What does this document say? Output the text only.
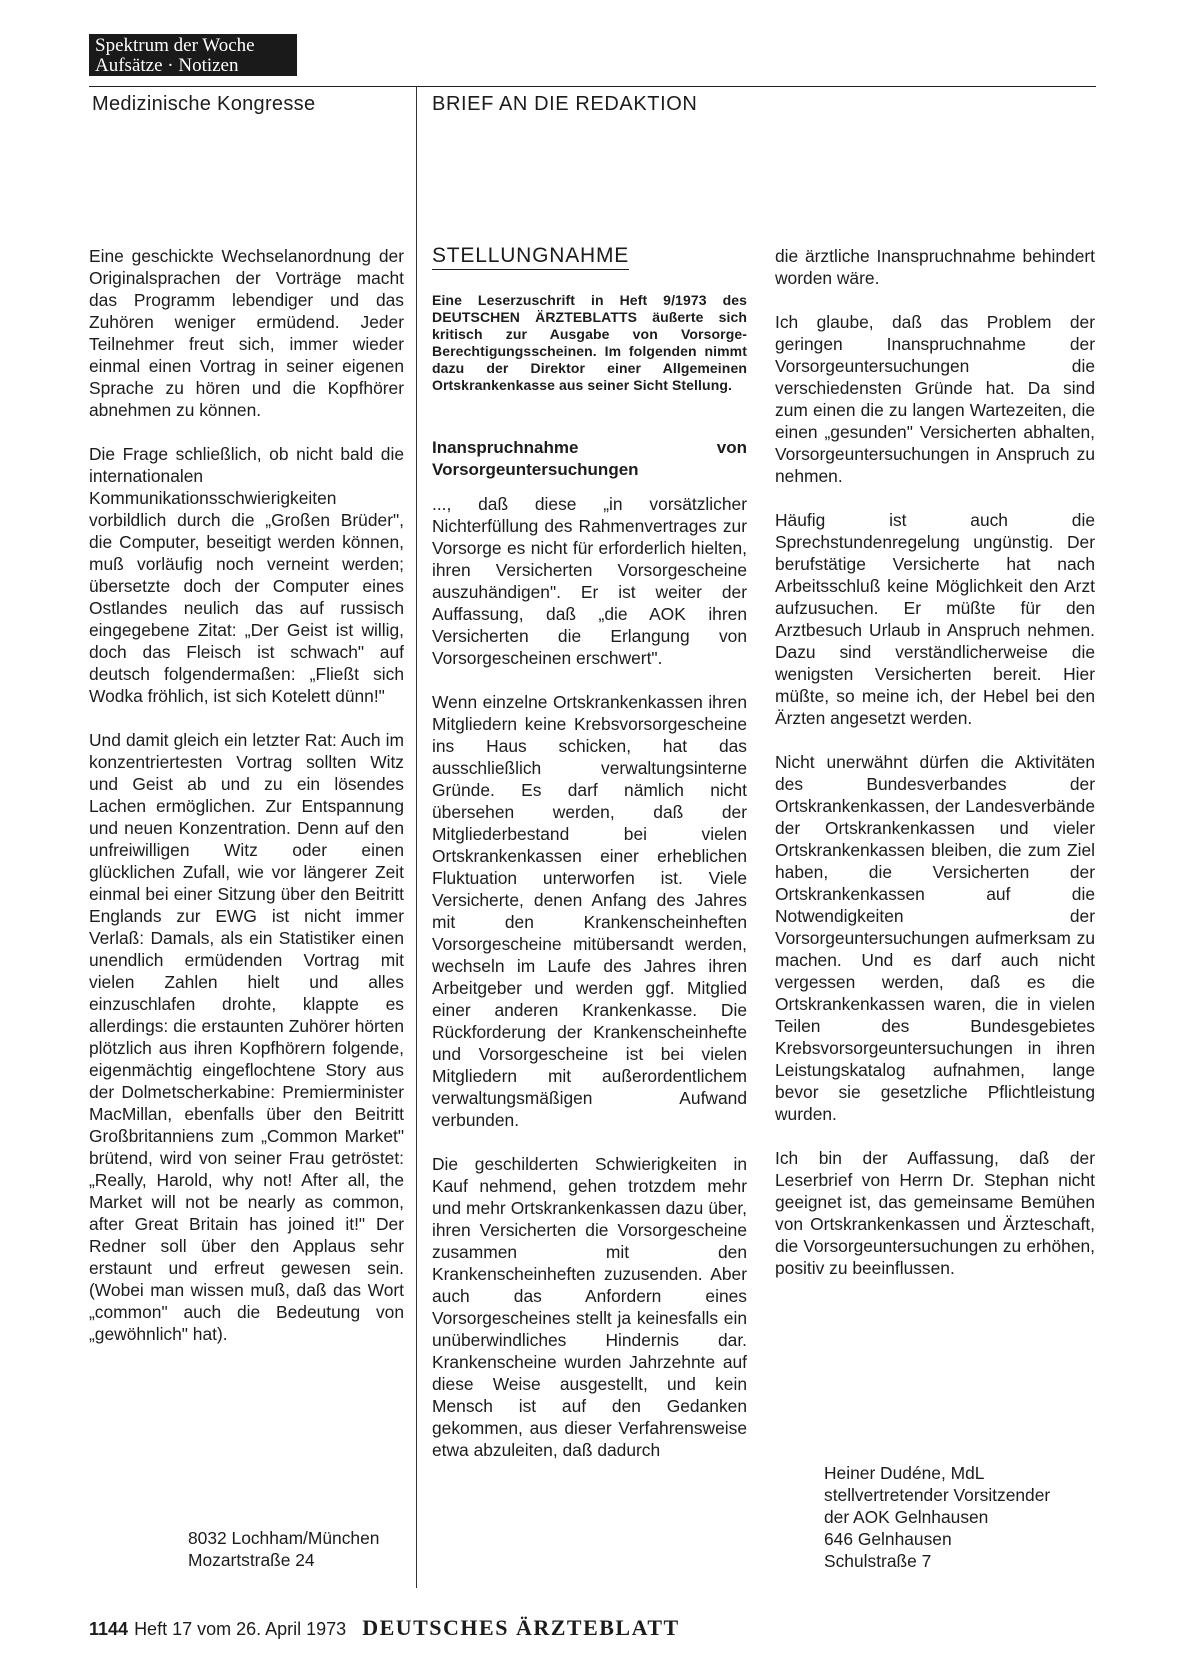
Spektrum der Woche
Aufsätze · Notizen
Medizinische Kongresse	BRIEF AN DIE REDAKTION

Eine geschickte Wechselanordnung der Originalsprachen der Vorträge macht das Programm lebendiger und das Zuhören weniger ermüdend. Jeder Teilnehmer freut sich, immer wieder einmal einen Vortrag in seiner eigenen Sprache zu hören und die Kopfhörer abnehmen zu können.

Die Frage schließlich, ob nicht bald die internationalen Kommunikationsschwierigkeiten vorbildlich durch die „Großen Brüder", die Computer, beseitigt werden können, muß vorläufig noch verneint werden; übersetzte doch der Computer eines Ostlandes neulich das auf russisch eingegebene Zitat: „Der Geist ist willig, doch das Fleisch ist schwach" auf deutsch folgendermaßen: „Fließt sich Wodka fröhlich, ist sich Kotelett dünn!"

Und damit gleich ein letzter Rat: Auch im konzentriertesten Vortrag sollten Witz und Geist ab und zu ein lösendes Lachen ermöglichen. Zur Entspannung und neuen Konzentration. Denn auf den unfreiwilligen Witz oder einen glücklichen Zufall, wie vor längerer Zeit einmal bei einer Sitzung über den Beitritt Englands zur EWG ist nicht immer Verlaß: Damals, als ein Statistiker einen unendlich ermüdenden Vortrag mit vielen Zahlen hielt und alles einzuschlafen drohte, klappte es allerdings: die erstaunten Zuhörer hörten plötzlich aus ihren Kopfhörern folgende, eigenmächtig eingeflochtene Story aus der Dolmetscherkabine: Premierminister MacMillan, ebenfalls über den Beitritt Großbritanniens zum „Common Market" brütend, wird von seiner Frau getröstet: „Really, Harold, why not! After all, the Market will not be nearly as common, after Great Britain has joined it!" Der Redner soll über den Applaus sehr erstaunt und erfreut gewesen sein. (Wobei man wissen muß, daß das Wort „common" auch die Bedeutung von „gewöhnlich" hat).

8032 Lochham/München
Mozartstraße 24
STELLUNGNAHME
Eine Leserzuschrift in Heft 9/1973 des DEUTSCHEN ÄRZTEBLATTS äußerte sich kritisch zur Ausgabe von Vorsorge-Berechtigungsscheinen. Im folgenden nimmt dazu der Direktor einer Allgemeinen Ortskrankenkasse aus seiner Sicht Stellung.
Inanspruchnahme von Vorsorgeuntersuchungen

..., daß diese „in vorsätzlicher Nichterfüllung des Rahmenvertrages zur Vorsorge es nicht für erforderlich hielten, ihren Versicherten Vorsorgescheine auszuhändigen". Er ist weiter der Auffassung, daß „die AOK ihren Versicherten die Erlangung von Vorsorgescheinen erschwert".

Wenn einzelne Ortskrankenkassen ihren Mitgliedern keine Krebsvorsorgescheine ins Haus schicken, hat das ausschließlich verwaltungsinterne Gründe. Es darf nämlich nicht übersehen werden, daß der Mitgliederbestand bei vielen Ortskrankenkassen einer erheblichen Fluktuation unterworfen ist. Viele Versicherte, denen Anfang des Jahres mit den Krankenscheinheften Vorsorgescheine mitübersandt werden, wechseln im Laufe des Jahres ihren Arbeitgeber und werden ggf. Mitglied einer anderen Krankenkasse. Die Rückforderung der Krankenscheinhefte und Vorsorgescheine ist bei vielen Mitgliedern mit außerordentlichem verwaltungsmäßigen Aufwand verbunden.

Die geschilderten Schwierigkeiten in Kauf nehmend, gehen trotzdem mehr und mehr Ortskrankenkassen dazu über, ihren Versicherten die Vorsorgescheine zusammen mit den Krankenscheinheften zuzusenden. Aber auch das Anfordern eines Vorsorgescheines stellt ja keinesfalls ein unüberwindliches Hindernis dar. Krankenscheine wurden Jahrzehnte auf diese Weise ausgestellt, und kein Mensch ist auf den Gedanken gekommen, aus dieser Verfahrensweise etwa abzuleiten, daß dadurch

die ärztliche Inanspruchnahme behindert worden wäre.

Ich glaube, daß das Problem der geringen Inanspruchnahme der Vorsorgeuntersuchungen die verschiedensten Gründe hat. Da sind zum einen die zu langen Wartezeiten, die einen „gesunden" Versicherten abhalten, Vorsorgeuntersuchungen in Anspruch zu nehmen.

Häufig ist auch die Sprechstundenregelung ungünstig. Der berufstätige Versicherte hat nach Arbeitsschluß keine Möglichkeit den Arzt aufzusuchen. Er müßte für den Arztbesuch Urlaub in Anspruch nehmen. Dazu sind verständlicherweise die wenigsten Versicherten bereit. Hier müßte, so meine ich, der Hebel bei den Ärzten angesetzt werden.

Nicht unerwähnt dürfen die Aktivitäten des Bundesverbandes der Ortskrankenkassen, der Landesverbände der Ortskrankenkassen und vieler Ortskrankenkassen bleiben, die zum Ziel haben, die Versicherten der Ortskrankenkassen auf die Notwendigkeiten der Vorsorgeuntersuchungen aufmerksam zu machen. Und es darf auch nicht vergessen werden, daß es die Ortskrankenkassen waren, die in vielen Teilen des Bundesgebietes Krebsvorsorgeuntersuchungen in ihren Leistungskatalog aufnahmen, lange bevor sie gesetzliche Pflichtleistung wurden.

Ich bin der Auffassung, daß der Leserbrief von Herrn Dr. Stephan nicht geeignet ist, das gemeinsame Bemühen von Ortskrankenkassen und Ärzteschaft, die Vorsorgeuntersuchungen zu erhöhen, positiv zu beeinflussen.

Heiner Dudéne, MdL
stellvertretender Vorsitzender
der AOK Gelnhausen
646 Gelnhausen
Schulstraße 7
1144 Heft 17 vom 26. April 1973 DEUTSCHES ÄRZTEBLATT
